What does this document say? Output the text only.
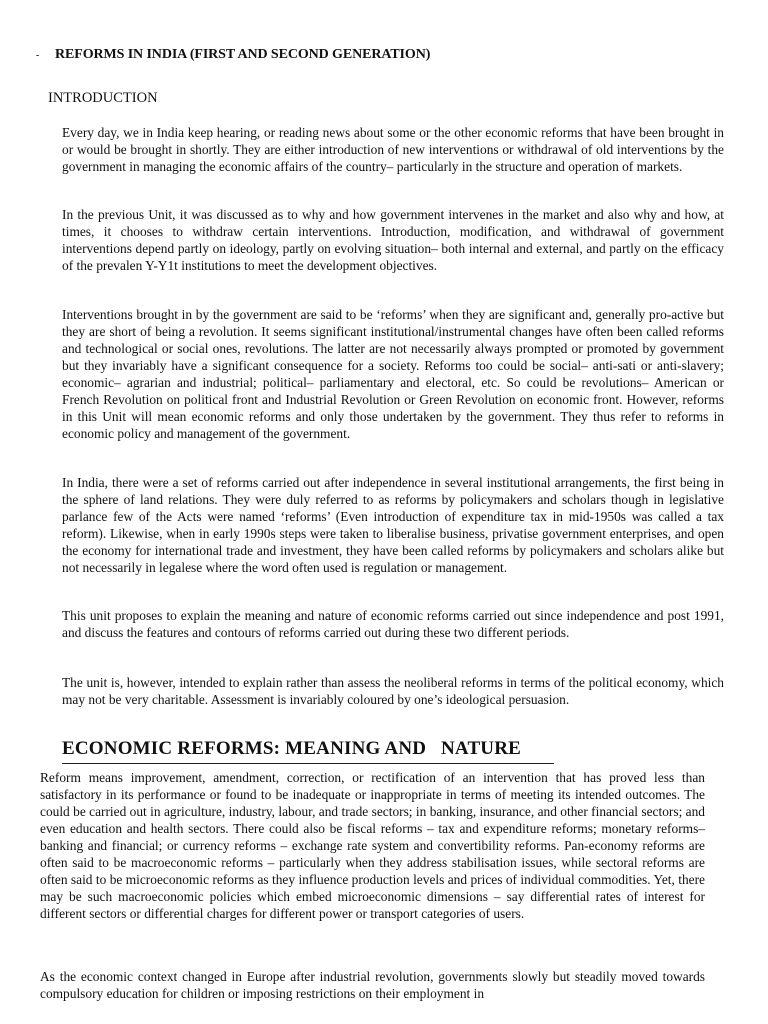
- REFORMS IN INDIA (FIRST AND SECOND GENERATION)
INTRODUCTION

Every day, we in India keep hearing, or reading news about some or the other economic reforms that have been brought in or would be brought in shortly. They are either introduction of new interventions or withdrawal of old interventions by the government in managing the economic affairs of the country– particularly in the structure and operation of markets.

In the previous Unit, it was discussed as to why and how government intervenes in the market and also why and how, at times, it chooses to withdraw certain interventions. Introduction, modification, and withdrawal of government interventions depend partly on ideology, partly on evolving situation– both internal and external, and partly on the efficacy of the prevalen Y-Y1t institutions to meet the development objectives.

Interventions brought in by the government are said to be ‘reforms’ when they are significant and, generally pro-active but they are short of being a revolution. It seems significant institutional/instrumental changes have often been called reforms and technological or social ones, revolutions. The latter are not necessarily always prompted or promoted by government but they invariably have a significant consequence for a society. Reforms too could be social– anti-sati or anti-slavery; economic– agrarian and industrial; political– parliamentary and electoral, etc. So could be revolutions– American or French Revolution on political front and Industrial Revolution or Green Revolution on economic front. However, reforms in this Unit will mean economic reforms and only those undertaken by the government. They thus refer to reforms in economic policy and management of the government.

In India, there were a set of reforms carried out after independence in several institutional arrangements, the first being in the sphere of land relations. They were duly referred to as reforms by policymakers and scholars though in legislative parlance few of the Acts were named ‘reforms’ (Even introduction of expenditure tax in mid-1950s was called a tax reform). Likewise, when in early 1990s steps were taken to liberalise business, privatise government enterprises, and open the economy for international trade and investment, they have been called reforms by policymakers and scholars alike but not necessarily in legalese where the word often used is regulation or management.

This unit proposes to explain the meaning and nature of economic reforms carried out since independence and post 1991, and discuss the features and contours of reforms carried out during these two different periods.

The unit is, however, intended to explain rather than assess the neoliberal reforms in terms of the political economy, which may not be very charitable. Assessment is invariably coloured by one’s ideological persuasion.

ECONOMIC REFORMS: MEANING AND   NATURE

Reform means improvement, amendment, correction, or rectification of an intervention that has proved less than satisfactory in its performance or found to be inadequate or inappropriate in terms of meeting its intended outcomes. The could be carried out in agriculture, industry, labour, and trade sectors; in banking, insurance, and other financial sectors; and even education and health sectors. There could also be fiscal reforms – tax and expenditure reforms; monetary reforms– banking and financial; or currency reforms – exchange rate system and convertibility reforms. Pan-economy reforms are often said to be macroeconomic reforms – particularly when they address stabilisation issues, while sectoral reforms are often said to be microeconomic reforms as they influence production levels and prices of individual commodities. Yet, there may be such macroeconomic policies which embed microeconomic dimensions – say differential rates of interest for different sectors or differential charges for different power or transport categories of users.

As the economic context changed in Europe after industrial revolution, governments slowly but steadily moved towards compulsory education for children or imposing restrictions on their employment in
